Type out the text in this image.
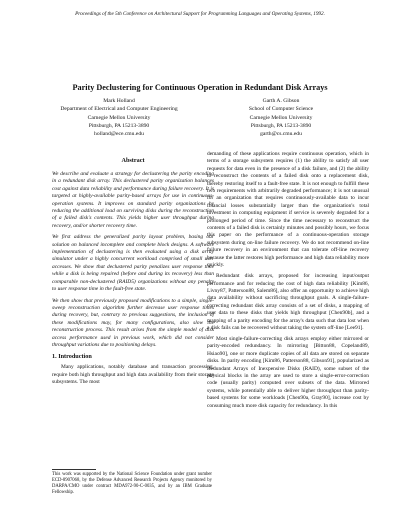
Proceedings of the 5th Conference on Architectural Support for Programming Languages and Operating Systems, 1992.
Parity Declustering for Continuous Operation in Redundant Disk Arrays
Mark Holland
Department of Electrical and Computer Engineering
Carnegie Mellon University
Pittsburgh, PA 15213-3890
holland@ece.cmu.edu
Garth A. Gibson
School of Computer Science
Carnegie Mellon University
Pittsburgh, PA 15213-3890
garth@cs.cmu.edu

Abstract

We describe and evaluate a strategy for declustering the parity encoding in a redundant disk array. This declustered parity organization balances cost against data reliability and performance during failure recovery. It is targeted at highly-available parity-based arrays for use in continuous-operation systems. It improves on standard parity organizations by reducing the additional load on surviving disks during the reconstruction of a failed disk's contents. This yields higher user throughput during recovery, and/or shorter recovery time.

We first address the generalized parity layout problem, basing our solution on balanced incomplete and complete block designs. A software implementation of declustering is then evaluated using a disk array simulator under a highly concurrent workload comprised of small user accesses. We show that declustered parity penalizes user response time while a disk is being repaired (before and during its recovery) less than comparable non-declustered (RAID5) organizations without any penalty to user response time in the fault-free state.

We then show that previously proposed modifications to a simple, single-sweep reconstruction algorithm further decrease user response times during recovery, but, contrary to previous suggestions, the inclusion of these modifications may, for many configurations, also slow the reconstruction process. This result arises from the simple model of disk access performance used in previous work, which did not consider throughput variations due to positioning delays.

1. Introduction

Many applications, notably database and transaction processing, require both high throughput and high data availability from their storage subsystems. The most

demanding of these applications require continuous operation, which in terms of a storage subsystem requires (1) the ability to satisfy all user requests for data even in the presence of a disk failure, and (2) the ability to reconstruct the contents of a failed disk onto a replacement disk, thereby restoring itself to a fault-free state. It is not enough to fulfill these two requirements with arbitrarily degraded performance; it is not unusual for an organization that requires continuously-available data to incur financial losses substantially larger than the organization's total investment in computing equipment if service is severely degraded for a prolonged period of time. Since the time necessary to reconstruct the contents of a failed disk is certainly minutes and possibly hours, we focus this paper on the performance of a continuous-operation storage subsystem during on-line failure recovery. We do not recommend on-line failure recovery in an environment that can tolerate off-line recovery because the latter restores high performance and high data reliability more quickly.

Redundant disk arrays, proposed for increasing input/output performance and for reducing the cost of high data reliability [Kim86, Livny87, Patterson88, Salem86], also offer an opportunity to achieve high data availability without sacrificing throughput goals. A single-failure-correcting redundant disk array consists of a set of disks, a mapping of user data to these disks that yields high throughput [Chen90b], and a mapping of a parity encoding for the array's data such that data lost when a disk fails can be recovered without taking the system off-line [Lee91].

Most single-failure-correcting disk arrays employ either mirrored or parity-encoded redundancy. In mirroring [Bitton88, Copeland89, Hsiao90], one or more duplicate copies of all data are stored on separate disks. In parity encoding [Kim86, Patterson88, Gibson91], popularized as Redundant Arrays of Inexpensive Disks (RAID), some subset of the physical blocks in the array are used to store a single-error-correction code (usually parity) computed over subsets of the data. Mirrored systems, while potentially able to deliver higher throughput than parity-based systems for some workloads [Chen90a, Gray90], increase cost by consuming much more disk capacity for redundancy. In this

This work was supported by the National Science Foundation under grant number ECD-8907068, by the Defense Advanced Research Projects Agency monitored by DARPA/CMO under contract MDA972-90-C-0035, and by an IBM Graduate Fellowship.
